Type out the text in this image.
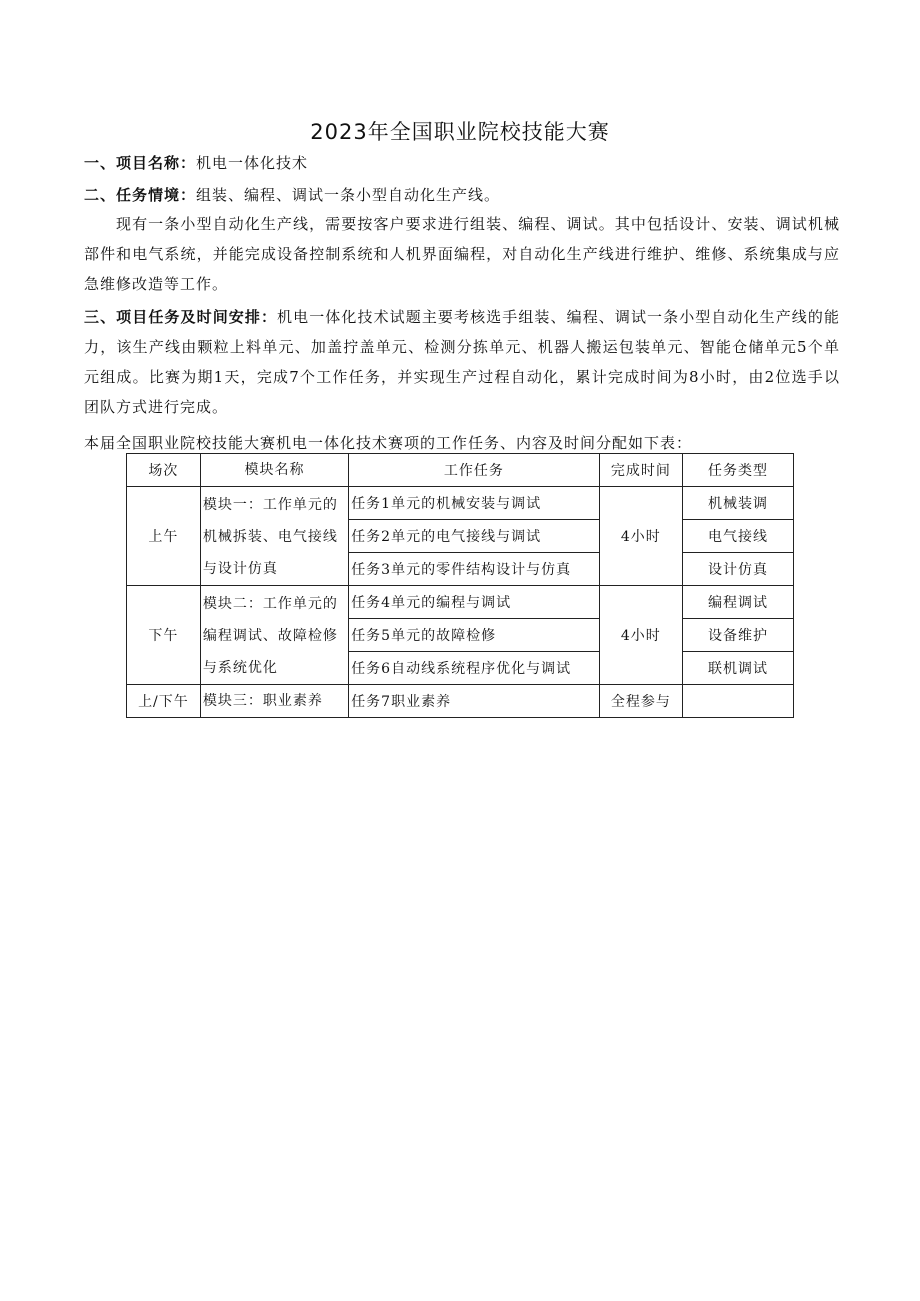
2023年全国职业院校技能大赛
一、项目名称：机电一体化技术
二、任务情境：组装、编程、调试一条小型自动化生产线。
现有一条小型自动化生产线，需要按客户要求进行组装、编程、调试。其中包括设计、安装、调试机械部件和电气系统，并能完成设备控制系统和人机界面编程，对自动化生产线进行维护、维修、系统集成与应急维修改造等工作。
三、项目任务及时间安排：机电一体化技术试题主要考核选手组装、编程、调试一条小型自动化生产线的能力，该生产线由颗粒上料单元、加盖拧盖单元、检测分拣单元、机器人搬运包装单元、智能仓储单元5个单元组成。比赛为期1天，完成7个工作任务，并实现生产过程自动化，累计完成时间为8小时，由2位选手以团队方式进行完成。
本届全国职业院校技能大赛机电一体化技术赛项的工作任务、内容及时间分配如下表：
场次	模块名称	工作任务	完成时间	任务类型
上午	模块一：工作单元的机械拆装、电气接线与设计仿真	任务1单元的机械安装与调试	4小时	机械装调
		任务2单元的电气接线与调试		电气接线
		任务3单元的零件结构设计与仿真		设计仿真
下午	模块二：工作单元的编程调试、故障检修与系统优化	任务4单元的编程与调试	4小时	编程调试
		任务5单元的故障检修		设备维护
		任务6自动线系统程序优化与调试		联机调试
上/下午	模块三：职业素养	任务7职业素养	全程参与	
